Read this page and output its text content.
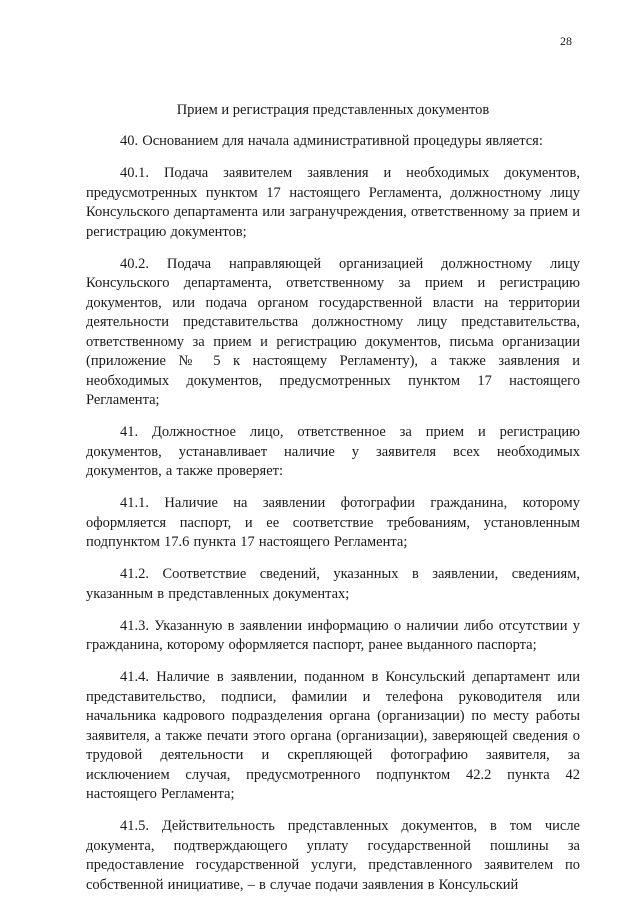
28
Прием и регистрация представленных документов

40. Основанием для начала административной процедуры является:

40.1. Подача заявителем заявления и необходимых документов, предусмотренных пунктом 17 настоящего Регламента, должностному лицу Консульского департамента или загранучреждения, ответственному за прием и регистрацию документов;

40.2. Подача направляющей организацией должностному лицу Консульского департамента, ответственному за прием и регистрацию документов, или подача органом государственной власти на территории деятельности представительства должностному лицу представительства, ответственному за прием и регистрацию документов, письма организации (приложение № 5 к настоящему Регламенту), а также заявления и необходимых документов, предусмотренных пунктом 17 настоящего Регламента;

41. Должностное лицо, ответственное за прием и регистрацию документов, устанавливает наличие у заявителя всех необходимых документов, а также проверяет:

41.1. Наличие на заявлении фотографии гражданина, которому оформляется паспорт, и ее соответствие требованиям, установленным подпунктом 17.6 пункта 17 настоящего Регламента;

41.2. Соответствие сведений, указанных в заявлении, сведениям, указанным в представленных документах;

41.3. Указанную в заявлении информацию о наличии либо отсутствии у гражданина, которому оформляется паспорт, ранее выданного паспорта;

41.4. Наличие в заявлении, поданном в Консульский департамент или представительство, подписи, фамилии и телефона руководителя или начальника кадрового подразделения органа (организации) по месту работы заявителя, а также печати этого органа (организации), заверяющей сведения о трудовой деятельности и скрепляющей фотографию заявителя, за исключением случая, предусмотренного подпунктом 42.2 пункта 42 настоящего Регламента;

41.5. Действительность представленных документов, в том числе документа, подтверждающего уплату государственной пошлины за предоставление государственной услуги, представленного заявителем по собственной инициативе, – в случае подачи заявления в Консульский
